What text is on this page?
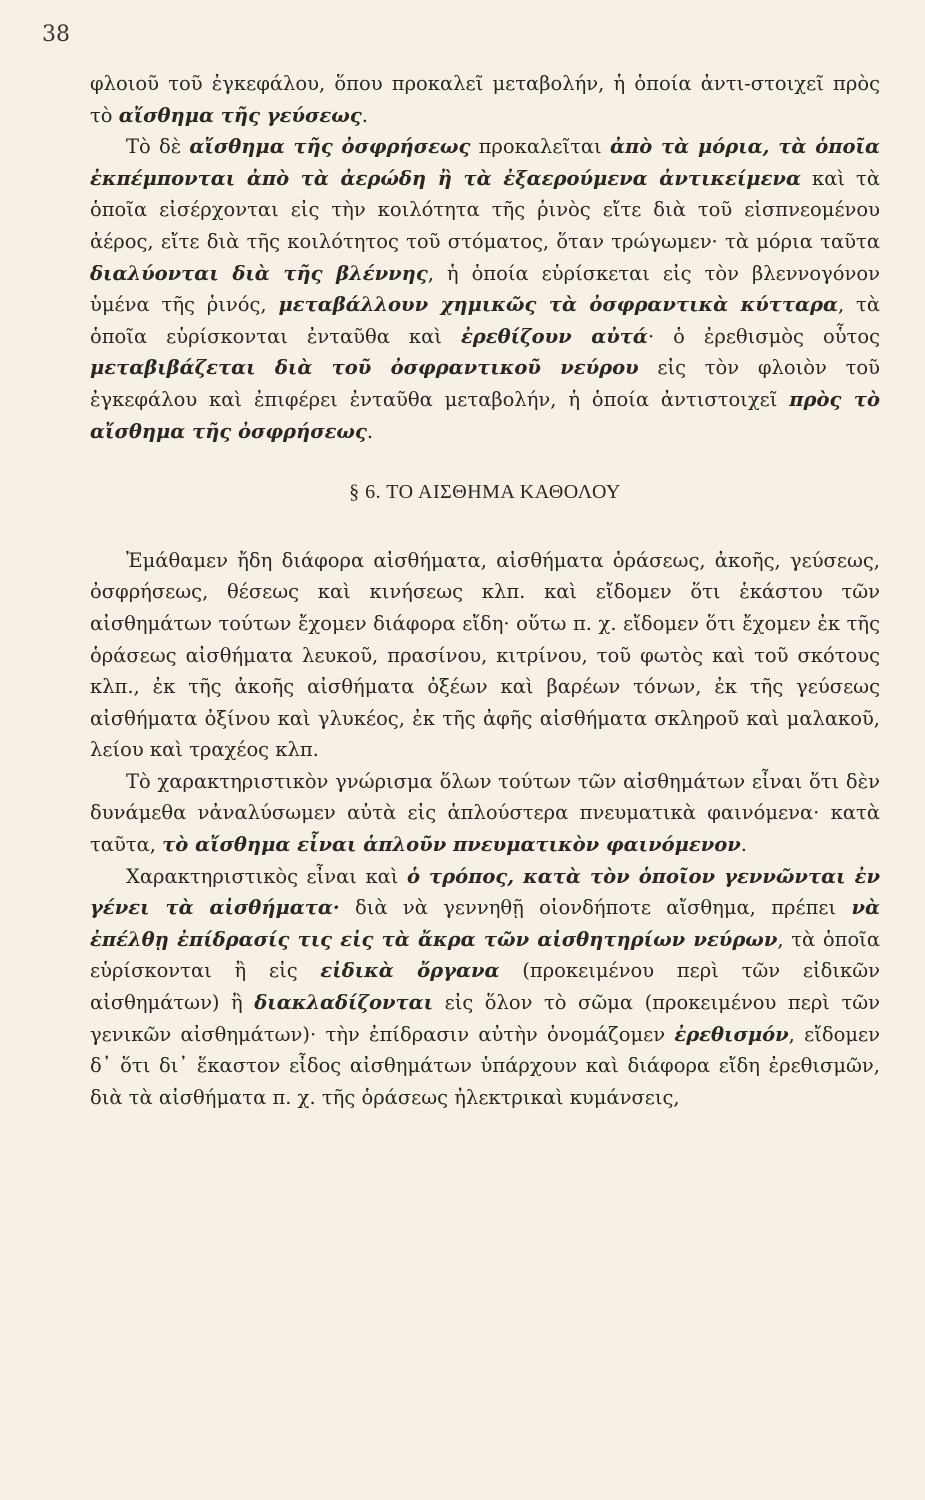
38

φλοιοῦ τοῦ ἐγκεφάλου, ὅπου προκαλεῖ μεταβολήν, ἡ ὁποία ἀντι-στοιχεῖ πρὸς τὸ αἴσθημα τῆς γεύσεως.

Τὸ δὲ αἴσθημα τῆς ὀσφρήσεως προκαλεῖται ἀπὸ τὰ μόρια, τὰ ὁποῖα ἐκπέμπονται ἀπὸ τὰ ἀερώδη ἢ τὰ ἐξαερούμενα ἀντικείμενα καὶ τὰ ὁποῖα εἰσέρχονται εἰς τὴν κοιλότητα τῆς ῥινὸς εἴτε διὰ τοῦ εἰσπνεομένου ἀέρος, εἴτε διὰ τῆς κοιλότητος τοῦ στόματος, ὅταν τρώγωμεν· τὰ μόρια ταῦτα διαλύονται διὰ τῆς βλέννης, ἡ ὁποία εὑρίσκεται εἰς τὸν βλεννογόνον ὑμένα τῆς ῥινός, μεταβάλλουν χημικῶς τὰ ὀσφραντικὰ κύτταρα, τὰ ὁποῖα εὑρίσκονται ἐνταῦθα καὶ ἐρεθίζουν αὐτά· ὁ ἐρεθισμὸς οὗτος μεταβιβάζεται διὰ τοῦ ὀσφραντικοῦ νεύρου εἰς τὸν φλοιὸν τοῦ ἐγκεφάλου καὶ ἐπιφέρει ἐνταῦθα μεταβολήν, ἡ ὁποία ἀντιστοιχεῖ πρὸς τὸ αἴσθημα τῆς ὀσφρήσεως.

§ 6. ΤΟ ΑΙΣΘΗΜΑ ΚΑΘΟΛΟΥ

Ἐμάθαμεν ἤδη διάφορα αἰσθήματα, αἰσθήματα ὁράσεως, ἀκοῆς, γεύσεως, ὀσφρήσεως, θέσεως καὶ κινήσεως κλπ. καὶ εἴδομεν ὅτι ἑκάστου τῶν αἰσθημάτων τούτων ἔχομεν διάφορα εἴδη· οὕτω π. χ. εἴδομεν ὅτι ἔχομεν ἐκ τῆς ὁράσεως αἰσθήματα λευκοῦ, πρασίνου, κιτρίνου, τοῦ φωτὸς καὶ τοῦ σκότους κλπ., ἐκ τῆς ἀκοῆς αἰσθήματα ὀξέων καὶ βαρέων τόνων, ἐκ τῆς γεύσεως αἰσθήματα ὀξίνου καὶ γλυκέος, ἐκ τῆς ἀφῆς αἰσθήματα σκληροῦ καὶ μαλακοῦ, λείου καὶ τραχέος κλπ.

Τὸ χαρακτηριστικὸν γνώρισμα ὅλων τούτων τῶν αἰσθημάτων εἶναι ὅτι δὲν δυνάμεθα νἀναλύσωμεν αὐτὰ εἰς ἁπλούστερα πνευματικὰ φαινόμενα· κατὰ ταῦτα, τὸ αἴσθημα εἶναι ἁπλοῦν πνευματικὸν φαινόμενον.

Χαρακτηριστικὸς εἶναι καὶ ὁ τρόπος, κατὰ τὸν ὁποῖον γεννῶνται ἐν γένει τὰ αἰσθήματα· διὰ νὰ γεννηθῇ οἱονδήποτε αἴσθημα, πρέπει νὰ ἐπέλθῃ ἐπίδρασίς τις εἰς τὰ ἄκρα τῶν αἰσθητηρίων νεύρων, τὰ ὁποῖα εὑρίσκονται ἢ εἰς εἰδικὰ ὄργανα (προκειμένου περὶ τῶν εἰδικῶν αἰσθημάτων) ἢ διακλαδίζονται εἰς ὅλον τὸ σῶμα (προκειμένου περὶ τῶν γενικῶν αἰσθημάτων)· τὴν ἐπίδρασιν αὐτὴν ὀνομάζομεν ἐρεθισμόν, εἴδομεν δ᾿ ὅτι δι᾿ ἕκαστον εἶδος αἰσθημάτων ὑπάρχουν καὶ διάφορα εἴδη ἐρεθισμῶν, διὰ τὰ αἰσθήματα π. χ. τῆς ὁράσεως ἠλεκτρικαὶ κυμάνσεις,
